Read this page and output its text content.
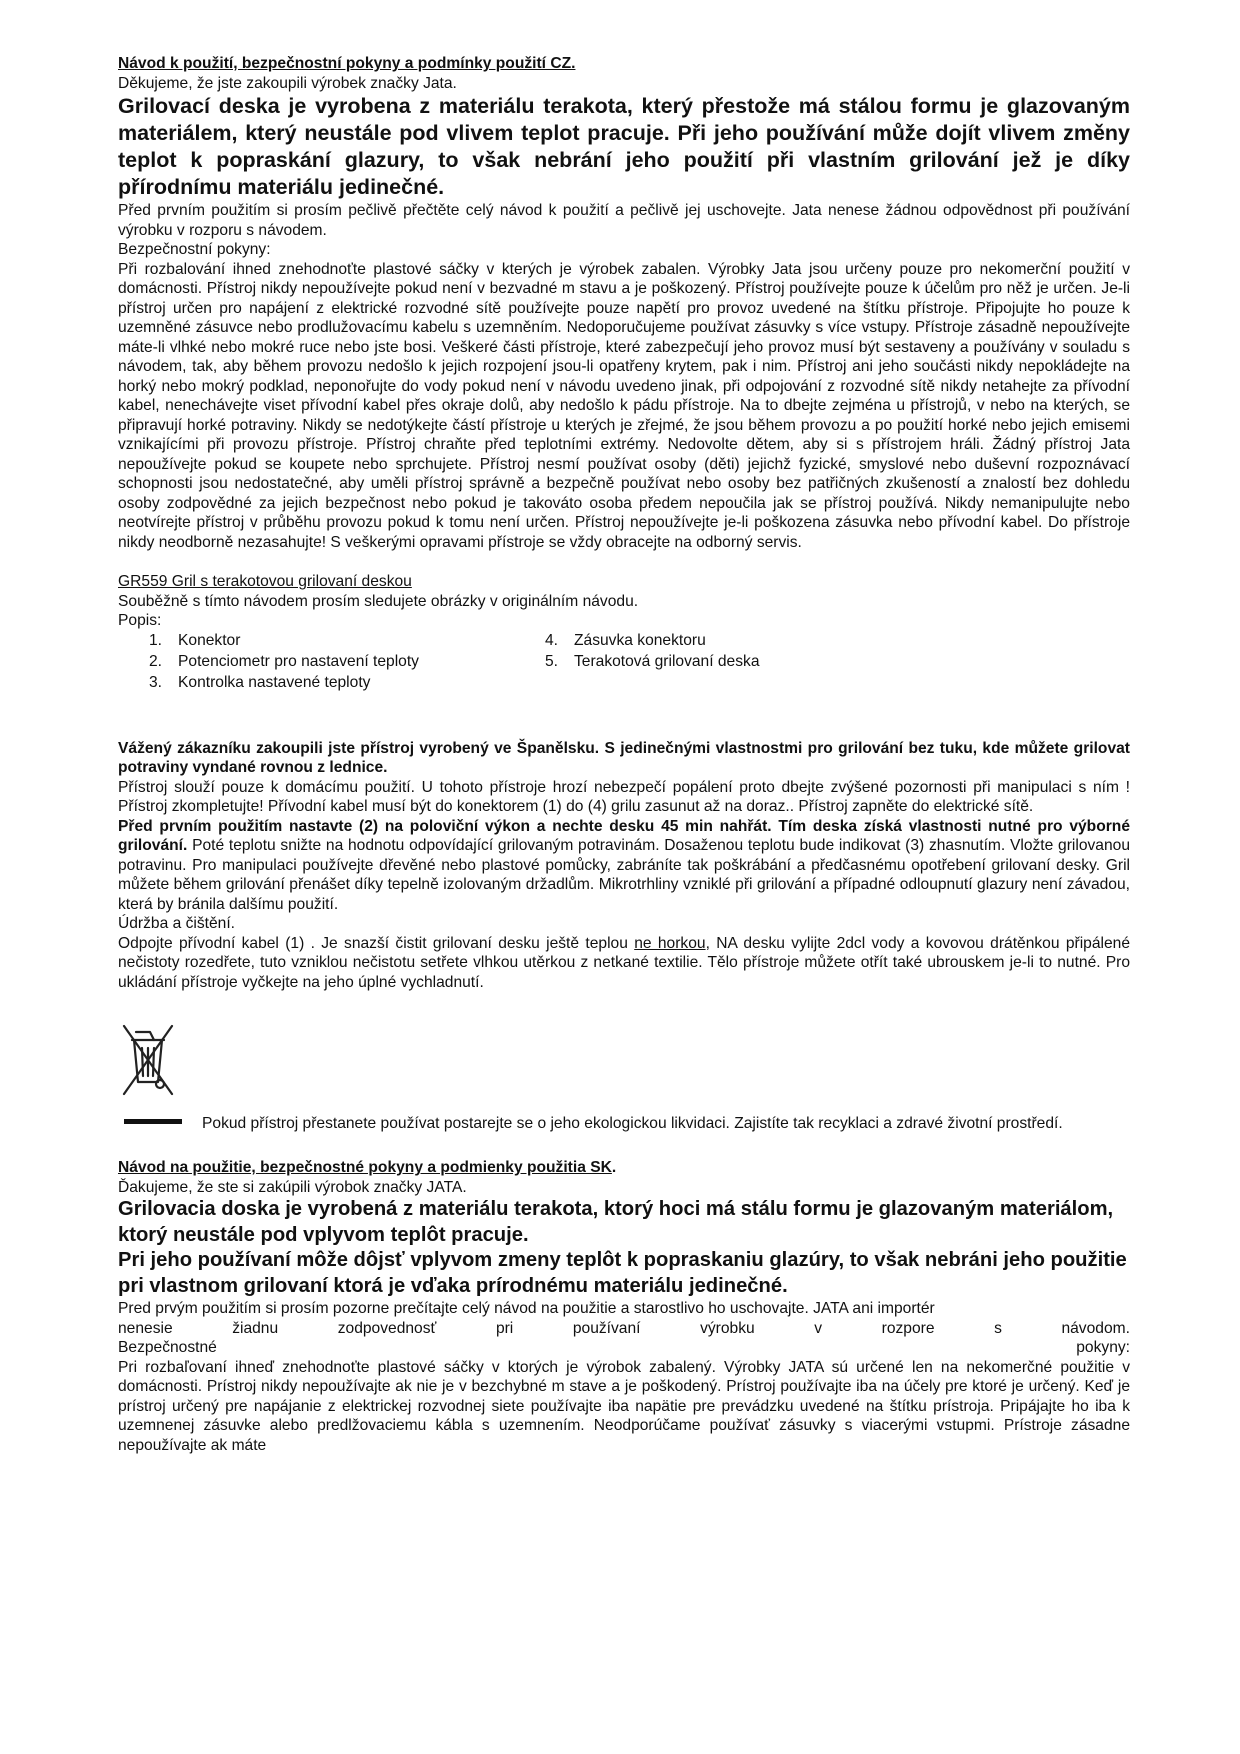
Návod k použití, bezpečnostní pokyny a podmínky použití CZ.

Děkujeme, že jste zakoupili výrobek značky Jata.

Grilovací deska je vyrobena z materiálu terakota, který přestože má stálou formu je glazovaným materiálem, který neustále pod vlivem teplot pracuje. Při jeho používání může dojít vlivem změny teplot k popraskání glazury, to však nebrání jeho použití při vlastním grilování jež je díky přírodnímu materiálu jedinečné.

Před prvním použitím si prosím pečlivě přečtěte celý návod k použití a pečlivě jej uschovejte. Jata nenese žádnou odpovědnost při používání výrobku v rozporu s návodem.

Bezpečnostní pokyny:

Při rozbalování ihned znehodnoťte plastové sáčky v kterých je výrobek zabalen. Výrobky Jata jsou určeny pouze pro nekomerční použití v domácnosti. Přístroj nikdy nepoužívejte pokud není v bezvadné m stavu a je poškozený. Přístroj používejte pouze k účelům pro něž je určen. Je-li přístroj určen pro napájení z elektrické rozvodné sítě používejte pouze napětí pro provoz uvedené na štítku přístroje. Připojujte ho pouze k uzemněné zásuvce nebo prodlužovacímu kabelu s uzemněním. Nedoporučujeme používat zásuvky s více vstupy. Přístroje zásadně nepoužívejte máte-li vlhké nebo mokré ruce nebo jste bosi. Veškeré části přístroje, které zabezpečují jeho provoz musí být sestaveny a používány v souladu s návodem, tak, aby během provozu nedošlo k jejich rozpojení jsou-li opatřeny krytem, pak i nim. Přístroj ani jeho součásti nikdy nepokládejte na horký nebo mokrý podklad, neponořujte do vody pokud není v návodu uvedeno jinak, při odpojování z rozvodné sítě nikdy netahejte za přívodní kabel, nenechávejte viset přívodní kabel přes okraje dolů, aby nedošlo k pádu přístroje. Na to dbejte zejména u přístrojů, v nebo na kterých, se připravují horké potraviny. Nikdy se nedotýkejte částí přístroje u kterých je zřejmé, že jsou během provozu a po použití horké nebo jejich emisemi vznikajícími při provozu přístroje. Přístroj chraňte před teplotními extrémy. Nedovolte dětem, aby si s přístrojem hráli. Žádný přístroj Jata nepoužívejte pokud se koupete nebo sprchujete. Přístroj nesmí používat osoby (děti) jejichž fyzické, smyslové nebo duševní rozpoznávací schopnosti jsou nedostatečné, aby uměli přístroj správně a bezpečně používat nebo osoby bez patřičných zkušeností a znalostí bez dohledu osoby zodpovědné za jejich bezpečnost nebo pokud je takováto osoba předem nepoučila jak se přístroj používá. Nikdy nemanipulujte nebo neotvírejte přístroj v průběhu provozu pokud k tomu není určen. Přístroj nepoužívejte je-li poškozena zásuvka nebo přívodní kabel. Do přístroje nikdy neodborně nezasahujte! S veškerými opravami přístroje se vždy obracejte na odborný servis.

GR559 Gril s terakotovou grilovaní deskou

Souběžně s tímto návodem prosím sledujete obrázky v originálním návodu.

Popis:

1. Konektor
2. Potenciometr pro nastavení teploty
3. Kontrolka nastavené teploty
4. Zásuvka konektoru
5. Terakotová grilovaní deska

Vážený zákazníku zakoupili jste přístroj vyrobený ve Španělsku. S jedinečnými vlastnostmi pro grilování bez tuku, kde můžete grilovat potraviny vyndané rovnou z lednice.

Přístroj slouží pouze k domácímu použití. U tohoto přístroje hrozí nebezpečí popálení proto dbejte zvýšené pozornosti při manipulaci s ním ! Přístroj zkompletujte! Přívodní kabel musí být do konektorem (1) do (4) grilu zasunut až na doraz.. Přístroj zapněte do elektrické sítě.

Před prvním použitím nastavte (2) na poloviční výkon a nechte desku 45 min nahřát. Tím deska získá vlastnosti nutné pro výborné grilování. Poté teplotu snižte na hodnotu odpovídající grilovaným potravinám. Dosaženou teplotu bude indikovat (3) zhasnutím. Vložte grilovanou potravinu. Pro manipulaci používejte dřevěné nebo plastové pomůcky, zabráníte tak poškrábání a předčasnému opotřebení grilovaní desky. Gril můžete během grilování přenášet díky tepelně izolovaným držadlům. Mikrotrhliny vzniklé při grilování a případné odloupnutí glazury není závadou, která by bránila dalšímu použití.

Údržba a čištění.

Odpojte přívodní kabel (1) . Je snazší čistit grilovaní desku ještě teplou ne horkou, NA desku vylijte 2dcl vody a kovovou drátěnkou připálené nečistoty rozedřete, tuto vzniklou nečistotu setřete vlhkou utěrkou z netkané textilie. Tělo přístroje můžete otřít také ubrouskem je-li to nutné. Pro ukládání přístroje vyčkejte na jeho úplné vychladnutí.

Pokud přístroj přestanete používat postarejte se o jeho ekologickou likvidaci. Zajistíte tak recyklaci a zdravé životní prostředí.

Návod na použitie, bezpečnostné pokyny a podmienky použitia SK.

Ďakujeme, že ste si zakúpili výrobok značky JATA.

Grilovacia doska je vyrobená z materiálu terakota, ktorý hoci má stálu formu je glazovaným materiálom, ktorý neustále pod vplyvom teplôt pracuje.

Pri jeho používaní môže dôjsť vplyvom zmeny teplôt k popraskaniu glazúry, to však nebráni jeho použitie pri vlastnom grilovaní ktorá je vďaka prírodnému materiálu jedinečné.

Pred prvým použitím si prosím pozorne prečítajte celý návod na použitie a starostlivo ho uschovajte. JATA ani importér

nenesie	žiadnu	zodpovednosť	pri	používaní	výrobku	v	rozpore	s	návodom.
Bezpečnostné	pokyny:

Pri rozbaľovaní ihneď znehodnoťte plastové sáčky v ktorých je výrobok zabalený. Výrobky JATA sú určené len na nekomerčné použitie v domácnosti. Prístroj nikdy nepoužívajte ak nie je v bezchybné m stave a je poškodený. Prístroj používajte iba na účely pre ktoré je určený. Keď je prístroj určený pre napájanie z elektrickej rozvodnej siete používajte iba napätie pre prevádzku uvedené na štítku prístroja. Pripájajte ho iba k uzemnenej zásuvke alebo predlžovaciemu kábla s uzemnením. Neodporúčame používať zásuvky s viacerými vstupmi. Prístroje zásadne nepoužívajte ak máte
